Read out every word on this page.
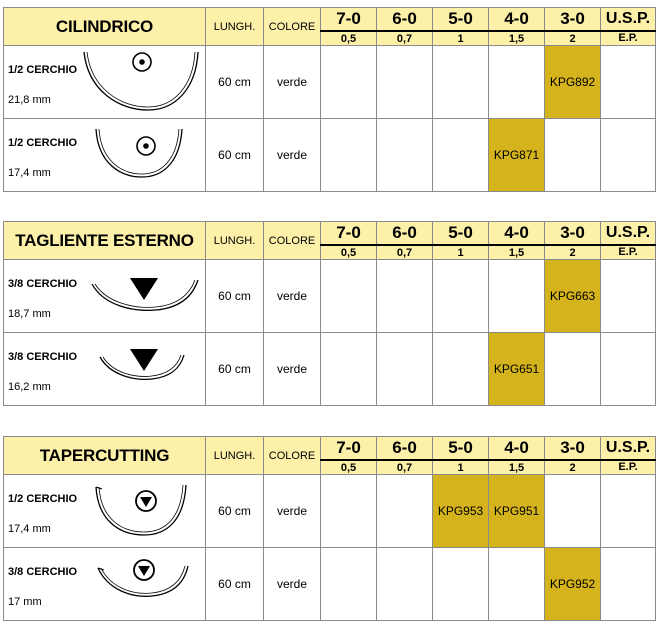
CILINDRICO	LUNGH.	COLORE	7-0	6-0	5-0	4-0	3-0	U.S.P.
			0,5	0,7	1	1,5	2	E.P.

1/2 CERCHIO
21,8 mm	60 cm	verde					KPG892	

1/2 CERCHIO
17,4 mm	60 cm	verde				KPG871		
TAGLIENTE ESTERNO	LUNGH.	COLORE	7-0	6-0	5-0	4-0	3-0	U.S.P.
			0,5	0,7	1	1,5	2	E.P.

3/8 CERCHIO
18,7 mm	60 cm	verde					KPG663	

3/8 CERCHIO
16,2 mm	60 cm	verde				KPG651		
TAPERCUTTING	LUNGH.	COLORE	7-0	6-0	5-0	4-0	3-0	U.S.P.
			0,5	0,7	1	1,5	2	E.P.

1/2 CERCHIO
17,4 mm	60 cm	verde			KPG953	KPG951		

3/8 CERCHIO
17 mm	60 cm	verde					KPG952	
